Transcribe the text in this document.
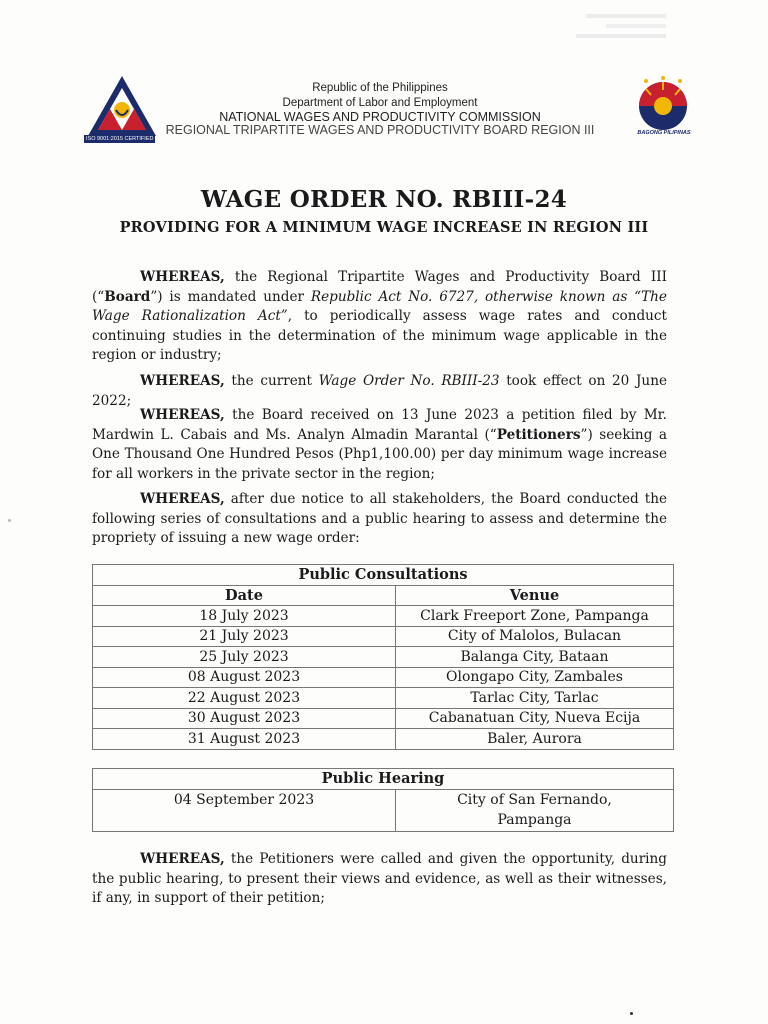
ISO 9001:2015 CERTIFIED
BAGONG PILIPINAS
Republic of the Philippines
Department of Labor and Employment
NATIONAL WAGES AND PRODUCTIVITY COMMISSION
REGIONAL TRIPARTITE WAGES AND PRODUCTIVITY BOARD REGION III
WAGE ORDER NO. RBIII-24
PROVIDING FOR A MINIMUM WAGE INCREASE IN REGION III
WHEREAS, the Regional Tripartite Wages and Productivity Board III (“Board”) is mandated under Republic Act No. 6727, otherwise known as “The Wage Rationalization Act”, to periodically assess wage rates and conduct continuing studies in the determination of the minimum wage applicable in the region or industry;
WHEREAS, the current Wage Order No. RBIII-23 took effect on 20 June 2022;
WHEREAS, the Board received on 13 June 2023 a petition filed by Mr. Mardwin L. Cabais and Ms. Analyn Almadin Marantal (“Petitioners”) seeking a One Thousand One Hundred Pesos (Php1,100.00) per day minimum wage increase for all workers in the private sector in the region;
WHEREAS, after due notice to all stakeholders, the Board conducted the following series of consultations and a public hearing to assess and determine the propriety of issuing a new wage order:
Public Consultations	
Date	Venue
18 July 2023	Clark Freeport Zone, Pampanga
21 July 2023	City of Malolos, Bulacan
25 July 2023	Balanga City, Bataan
08 August 2023	Olongapo City, Zambales
22 August 2023	Tarlac City, Tarlac
30 August 2023	Cabanatuan City, Nueva Ecija
31 August 2023	Baler, Aurora
Public Hearing
04 September 2023	City of San Fernando,
Pampanga
WHEREAS, the Petitioners were called and given the opportunity, during the public hearing, to present their views and evidence, as well as their witnesses, if any, in support of their petition;
